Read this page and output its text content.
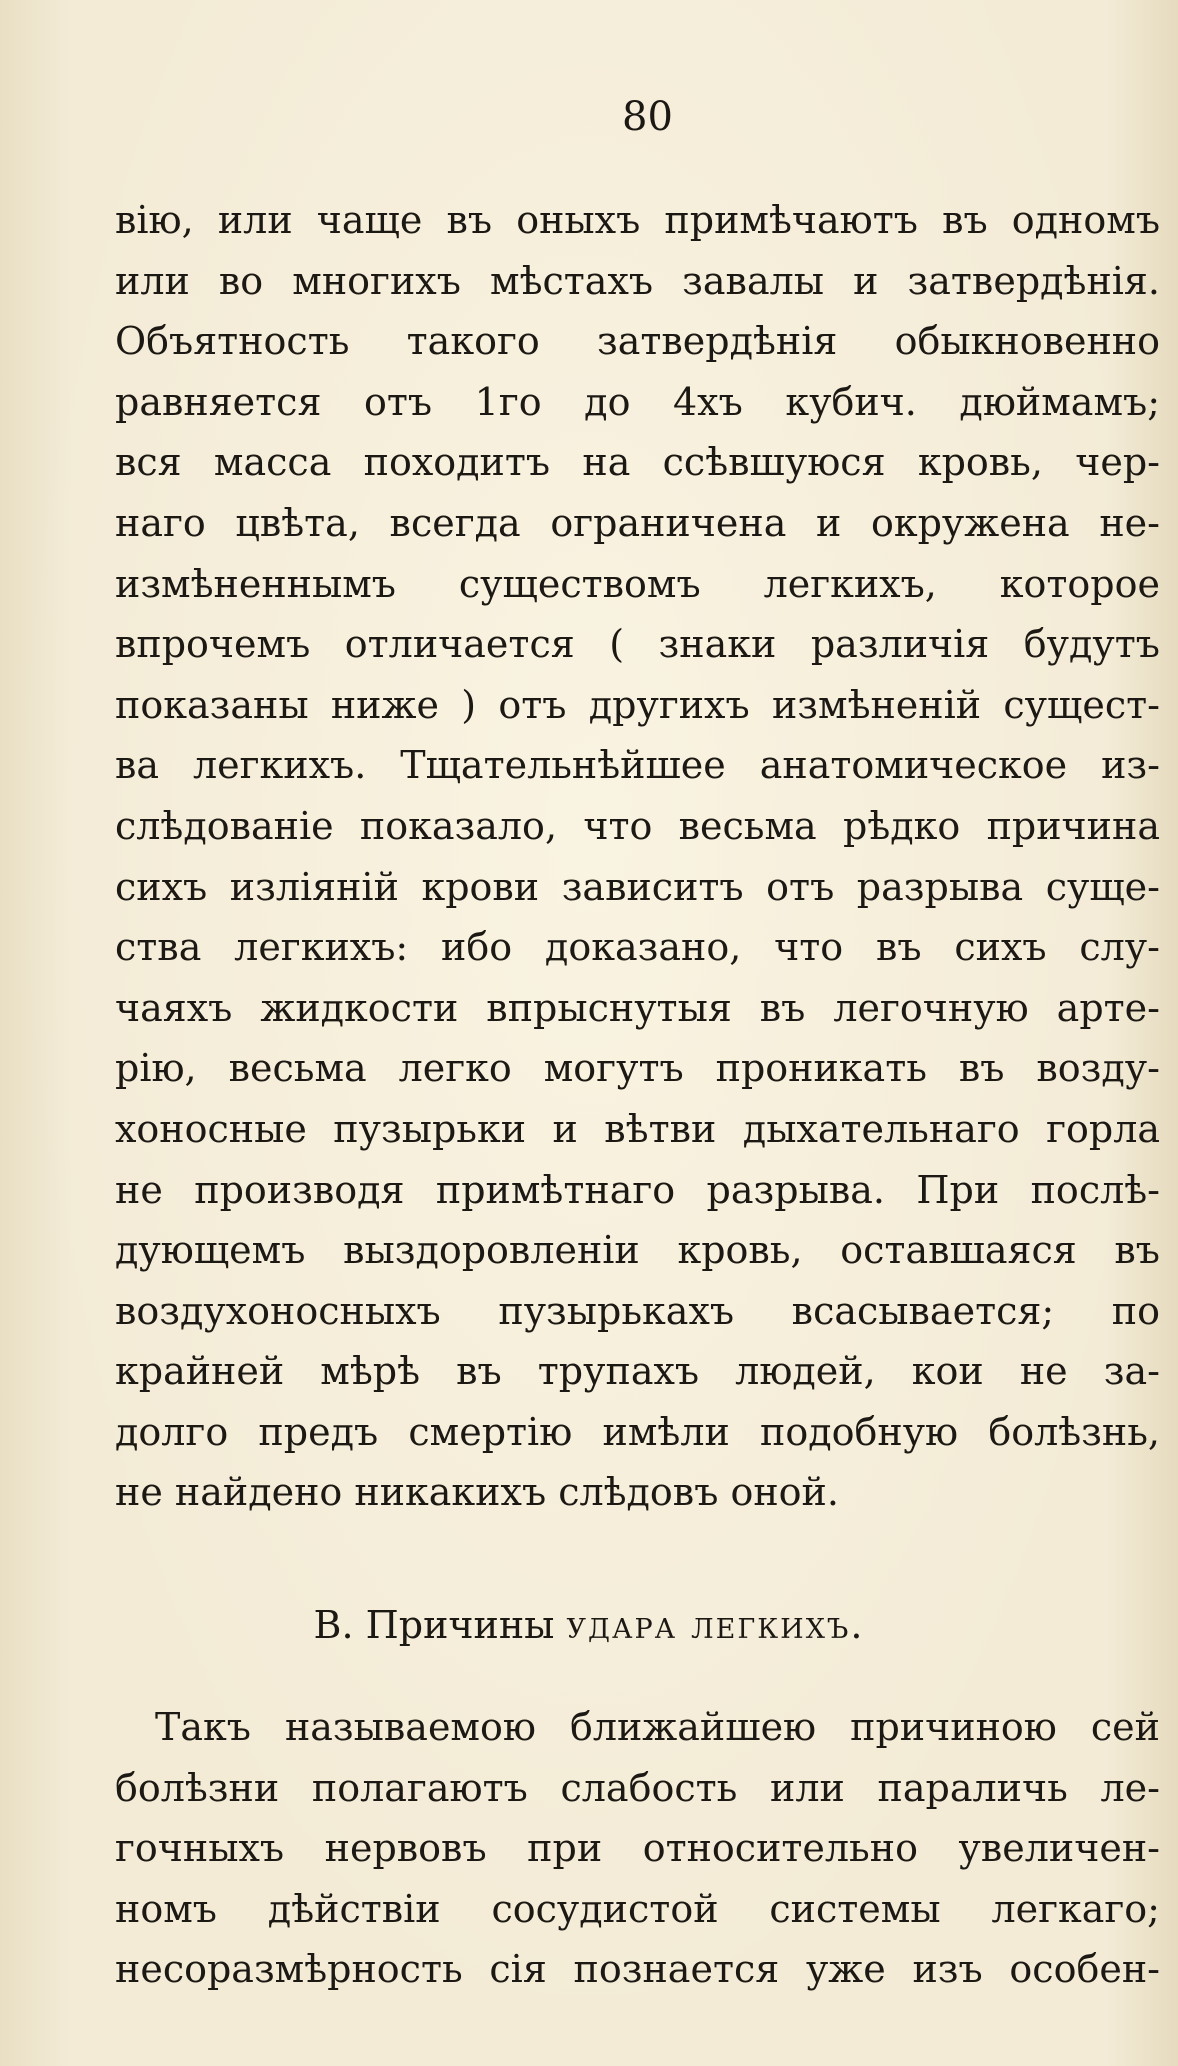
80
вію, или чаще въ оныхъ примѣчаютъ въ одномъ
или во многихъ мѣстахъ завалы и затвердѣнія.
Объятность такого затвердѣнія обыкновенно
равняется отъ 1го до 4хъ кубич. дюймамъ;
вся масса походитъ на ссѣвшуюся кровь, чер-
наго цвѣта, всегда ограничена и окружена не-
измѣненнымъ существомъ легкихъ, которое
впрочемъ отличается ( знаки различія будутъ
показаны ниже ) отъ другихъ измѣненій сущест-
ва легкихъ. Тщательнѣйшее анатомическое из-
слѣдованіе показало, что весьма рѣдко причина
сихъ изліяній крови зависитъ отъ разрыва суще-
ства легкихъ: ибо доказано, что въ сихъ слу-
чаяхъ жидкости впрыснутыя въ легочную арте-
рію, весьма легко могутъ проникать въ возду-
хоносные пузырьки и вѣтви дыхательнаго горла
не производя примѣтнаго разрыва. При послѣ-
дующемъ выздоровленіи кровь, оставшаяся въ
воздухоносныхъ пузырькахъ всасывается; по
крайней мѣрѣ въ трупахъ людей, кои не за-
долго предъ смертію имѣли подобную болѣзнь,
не найдено никакихъ слѣдовъ оной.
В. Причины удара легкихъ.
Такъ называемою ближайшею причиною сей
болѣзни полагаютъ слабость или параличь ле-
гочныхъ нервовъ при относительно увеличен-
номъ дѣйствіи сосудистой системы легкаго;
несоразмѣрность сія познается уже изъ особен-
